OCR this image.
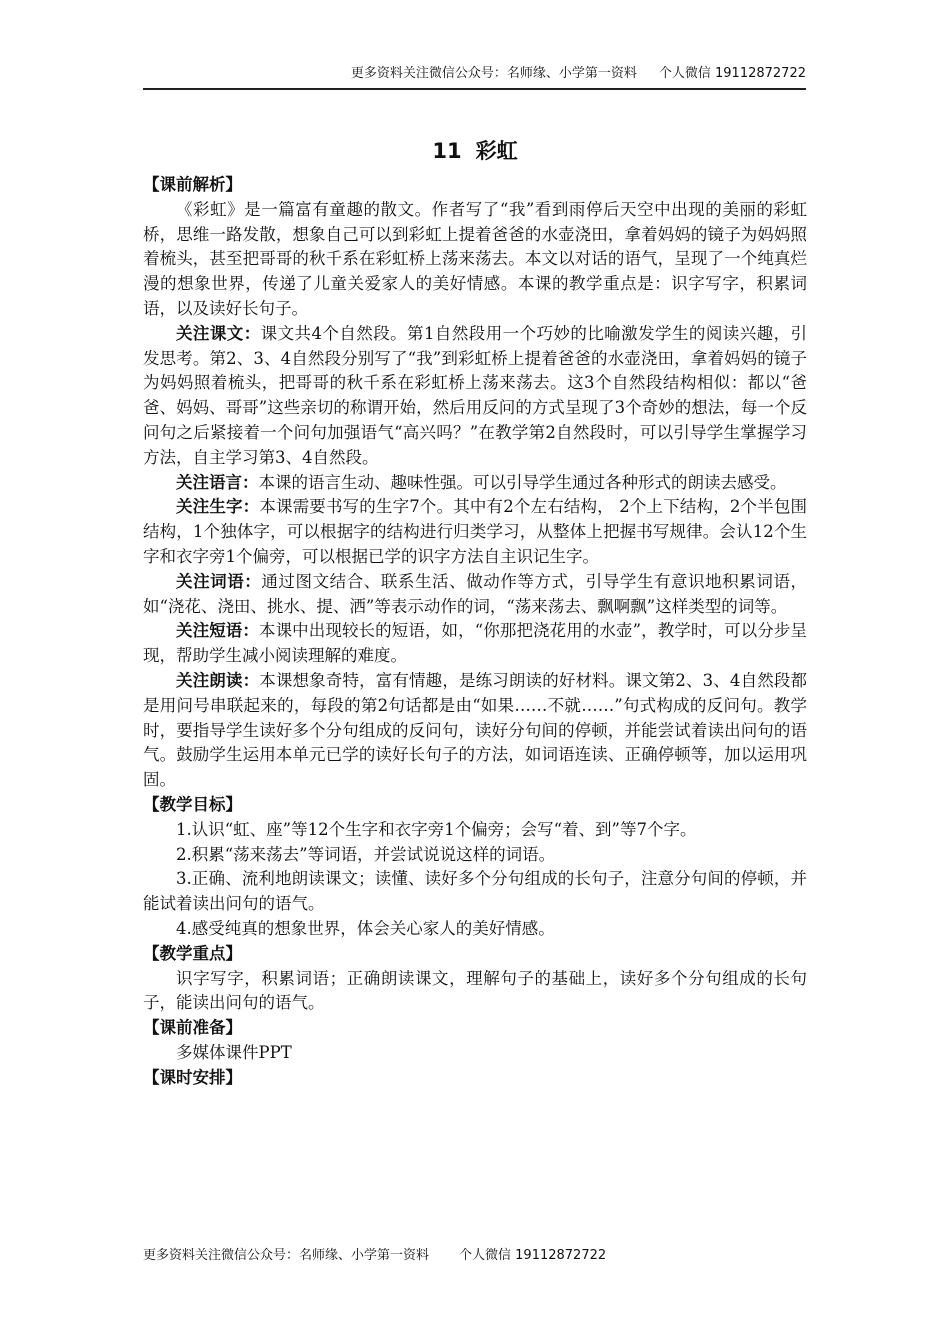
更多资料关注微信公众号：名师缘、小学第一资料 个人微信 19112872722
11 彩虹

【课前解析】

《彩虹》是一篇富有童趣的散文。作者写了“我”看到雨停后天空中出现的美丽的彩虹桥，思维一路发散，想象自己可以到彩虹上提着爸爸的水壶浇田，拿着妈妈的镜子为妈妈照着梳头，甚至把哥哥的秋千系在彩虹桥上荡来荡去。本文以对话的语气，呈现了一个纯真烂漫的想象世界，传递了儿童关爱家人的美好情感。本课的教学重点是：识字写字，积累词语，以及读好长句子。

关注课文：课文共4个自然段。第1自然段用一个巧妙的比喻激发学生的阅读兴趣，引发思考。第2、3、4自然段分别写了“我”到彩虹桥上提着爸爸的水壶浇田，拿着妈妈的镜子为妈妈照着梳头，把哥哥的秋千系在彩虹桥上荡来荡去。这3个自然段结构相似：都以“爸爸、妈妈、哥哥”这些亲切的称谓开始，然后用反问的方式呈现了3个奇妙的想法，每一个反问句之后紧接着一个问句加强语气“高兴吗？”在教学第2自然段时，可以引导学生掌握学习方法，自主学习第3、4自然段。

关注语言：本课的语言生动、趣味性强。可以引导学生通过各种形式的朗读去感受。

关注生字：本课需要书写的生字7个。其中有2个左右结构， 2个上下结构，2个半包围结构，1个独体字，可以根据字的结构进行归类学习，从整体上把握书写规律。会认12个生字和衣字旁1个偏旁，可以根据已学的识字方法自主识记生字。

关注词语：通过图文结合、联系生活、做动作等方式，引导学生有意识地积累词语，如“浇花、浇田、挑水、提、洒”等表示动作的词，“荡来荡去、飘啊飘”这样类型的词等。

关注短语：本课中出现较长的短语，如，“你那把浇花用的水壶”，教学时，可以分步呈现，帮助学生减小阅读理解的难度。

关注朗读：本课想象奇特，富有情趣，是练习朗读的好材料。课文第2、3、4自然段都是用问号串联起来的，每段的第2句话都是由“如果……不就……”句式构成的反问句。教学时，要指导学生读好多个分句组成的反问句，读好分句间的停顿，并能尝试着读出问句的语气。鼓励学生运用本单元已学的读好长句子的方法，如词语连读、正确停顿等，加以运用巩固。

【教学目标】

1.认识“虹、座”等12个生字和衣字旁1个偏旁；会写“着、到”等7个字。

2.积累“荡来荡去”等词语，并尝试说说这样的词语。

3.正确、流利地朗读课文；读懂、读好多个分句组成的长句子，注意分句间的停顿，并能试着读出问句的语气。

4.感受纯真的想象世界，体会关心家人的美好情感。

【教学重点】

识字写字，积累词语；正确朗读课文，理解句子的基础上，读好多个分句组成的长句子，能读出问句的语气。

【课前准备】

多媒体课件PPT

【课时安排】

更多资料关注微信公众号：名师缘、小学第一资料 个人微信 19112872722
